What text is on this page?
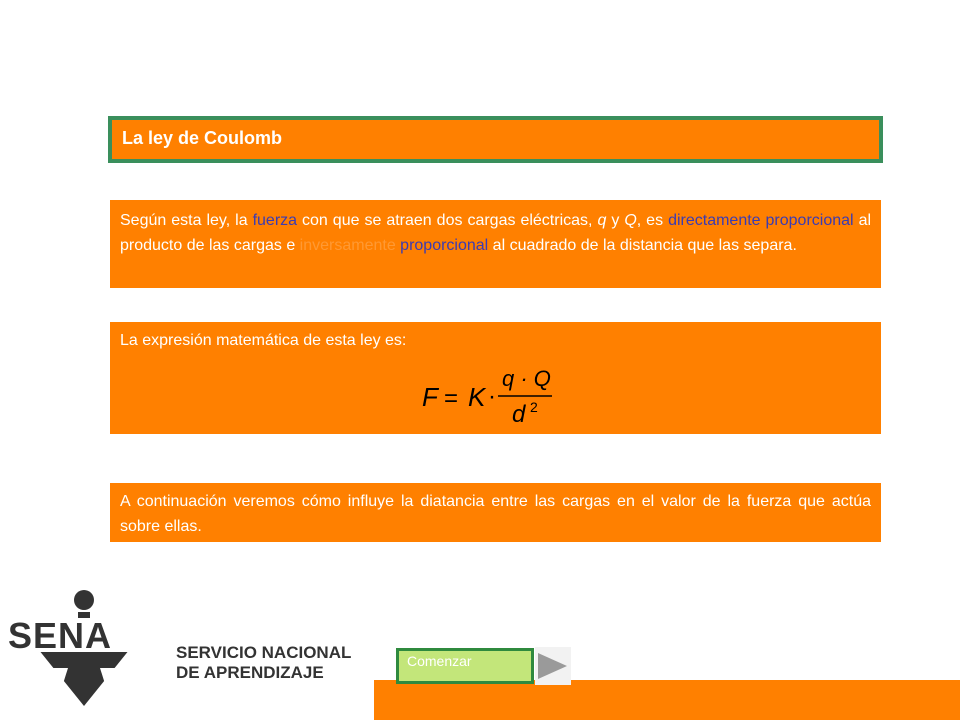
La ley de Coulomb
Según esta ley, la fuerza con que se atraen dos cargas eléctricas, q y Q, es directamente proporcional al producto de las cargas e inversamente proporcional al cuadrado de la distancia que las separa.
La expresión matemática de esta ley es:
F = K ·
q · Q
d 2
A continuación veremos cómo influye la diatancia entre las cargas en el valor de la fuerza que actúa sobre ellas.
SENA	SERVICIO NACIONAL
DE APRENDIZAJE
Comenzar
